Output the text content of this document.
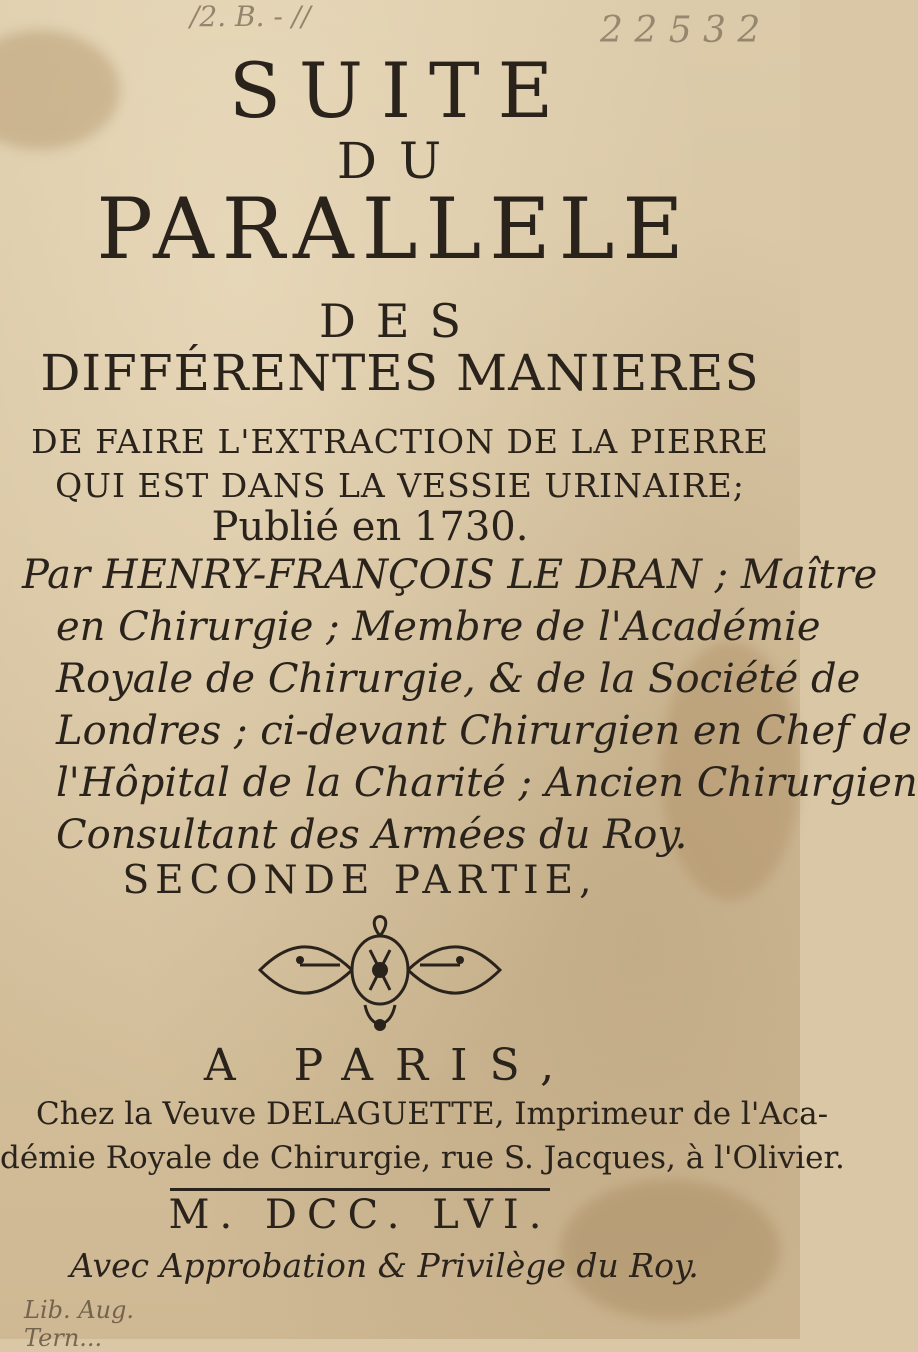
/2. B. - //	2 2 5 3 2
SUITE
DU
PARALLELE
DES
DIFFÉRENTES MANIERES
DE FAIRE L'EXTRACTION DE LA PIERRE
QUI EST DANS LA VESSIE URINAIRE;
Publié en 1730.
Par HENRY-FRANÇOIS LE DRAN ; Maître
en Chirurgie ; Membre de l'Académie
Royale de Chirurgie, & de la Société de
Londres ; ci-devant Chirurgien en Chef de
l'Hôpital de la Charité ; Ancien Chirurgien
Consultant des Armées du Roy.
SECONDE PARTIE,
A PARIS,
Chez la Veuve DELAGUETTE, Imprimeur de l'Aca-
démie Royale de Chirurgie, rue S. Jacques, à l'Olivier.
M. DCC. LVI.
Avec Approbation & Privilège du Roy.
Lib. Aug.
Tern...
